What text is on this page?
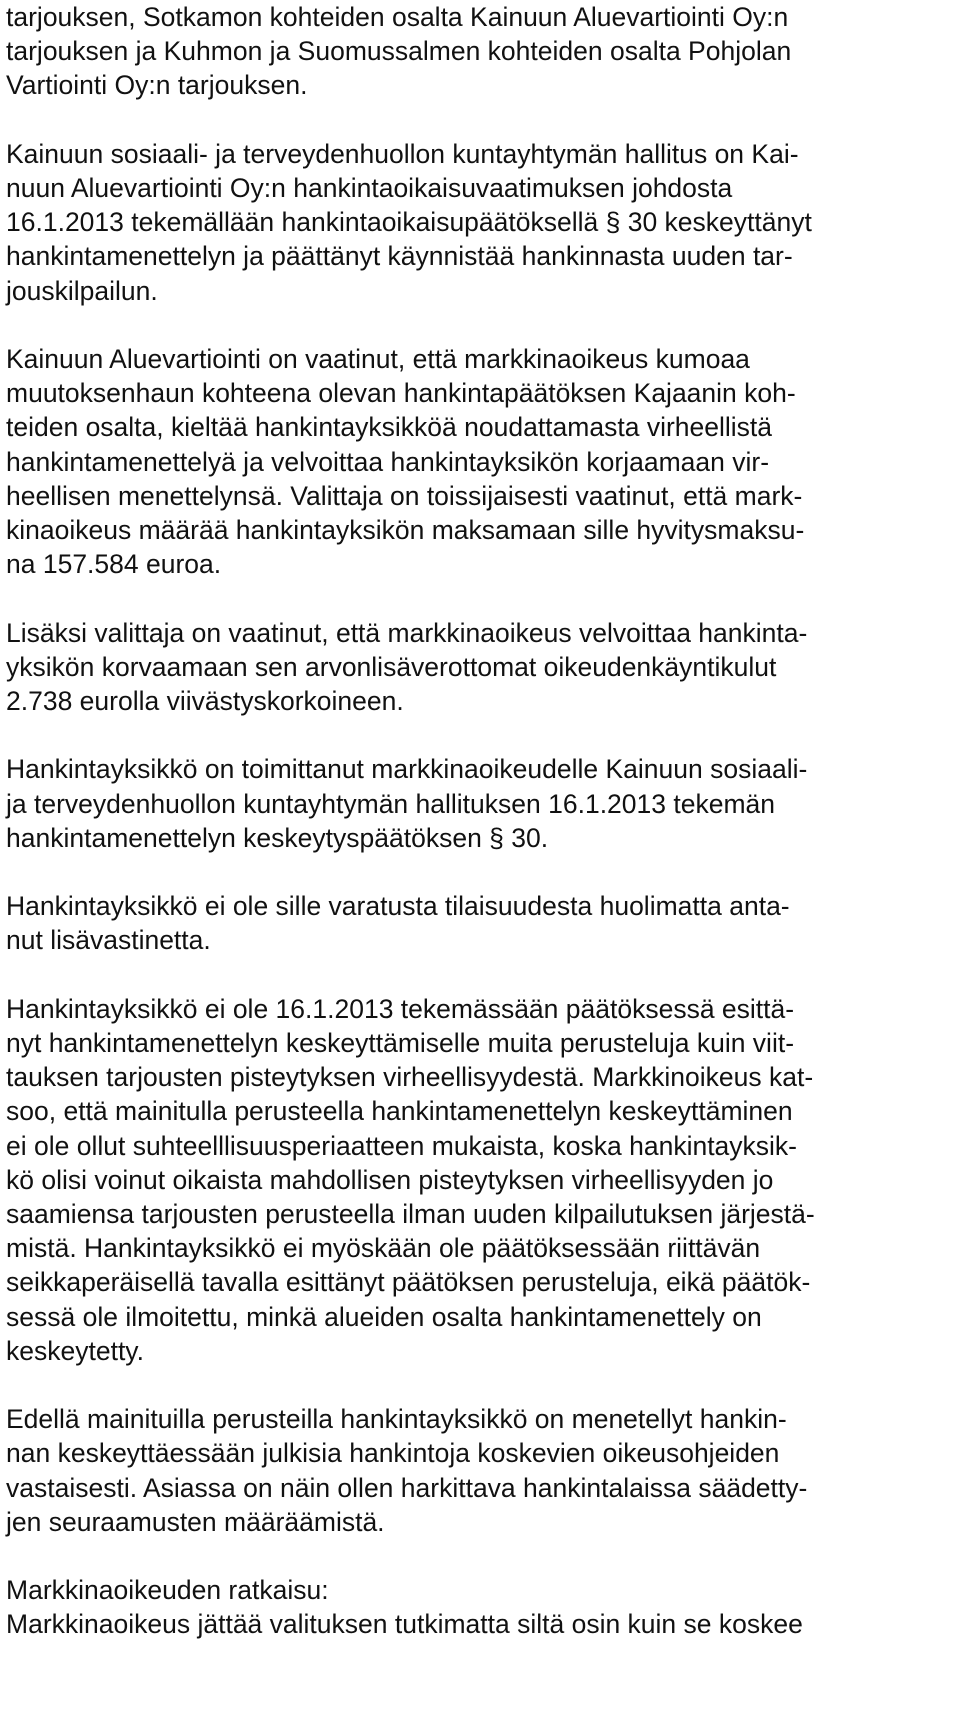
tarjouksen, Sotkamon kohteiden osalta Kainuun Aluevartiointi Oy:n
tarjouksen ja Kuhmon ja Suomussalmen kohteiden osalta Pohjolan
Vartiointi Oy:n tarjouksen.

Kainuun sosiaali- ja terveydenhuollon kuntayhtymän hallitus on Kai-
nuun Aluevartiointi Oy:n hankintaoikaisuvaatimuksen johdosta
16.1.2013 tekemällään hankintaoikaisupäätöksellä § 30 keskeyttänyt
hankintamenettelyn ja päättänyt käynnistää hankinnasta uuden tar-
jouskilpailun.

Kainuun Aluevartiointi on vaatinut, että markkinaoikeus kumoaa
muutoksenhaun kohteena olevan hankintapäätöksen Kajaanin koh-
teiden osalta, kieltää hankintayksikköä noudattamasta virheellistä
hankintamenettelyä ja velvoittaa hankintayksikön korjaamaan vir-
heellisen menettelynsä. Valittaja on toissijaisesti vaatinut, että mark-
kinaoikeus määrää hankintayksikön maksamaan sille hyvitysmaksu-
na 157.584 euroa.

Lisäksi valittaja on vaatinut, että markkinaoikeus velvoittaa hankinta-
yksikön korvaamaan sen arvonlisäverottomat oikeudenkäyntikulut
2.738 eurolla viivästyskorkoineen.

Hankintayksikkö on toimittanut markkinaoikeudelle Kainuun sosiaali-
ja terveydenhuollon kuntayhtymän hallituksen 16.1.2013 tekemän
hankintamenettelyn keskeytyspäätöksen § 30.

Hankintayksikkö ei ole sille varatusta tilaisuudesta huolimatta anta-
nut lisävastinetta.

Hankintayksikkö ei ole 16.1.2013 tekemässään päätöksessä esittä-
nyt hankintamenettelyn keskeyttämiselle muita perusteluja kuin viit-
tauksen tarjousten pisteytyksen virheellisyydestä. Markkinoikeus kat-
soo, että mainitulla perusteella hankintamenettelyn keskeyttäminen
ei ole ollut suhteelllisuusperiaatteen mukaista, koska hankintayksik-
kö olisi voinut oikaista mahdollisen pisteytyksen virheellisyyden jo
saamiensa tarjousten perusteella ilman uuden kilpailutuksen järjestä-
mistä. Hankintayksikkö ei myöskään ole päätöksessään riittävän
seikkaperäisellä tavalla esittänyt päätöksen perusteluja, eikä päätök-
sessä ole ilmoitettu, minkä alueiden osalta hankintamenettely on
keskeytetty.

Edellä mainituilla perusteilla hankintayksikkö on menetellyt hankin-
nan keskeyttäessään julkisia hankintoja koskevien oikeusohjeiden
vastaisesti. Asiassa on näin ollen harkittava hankintalaissa säädetty-
jen seuraamusten määräämistä.

Markkinaoikeuden ratkaisu:
Markkinaoikeus jättää valituksen tutkimatta siltä osin kuin se koskee
